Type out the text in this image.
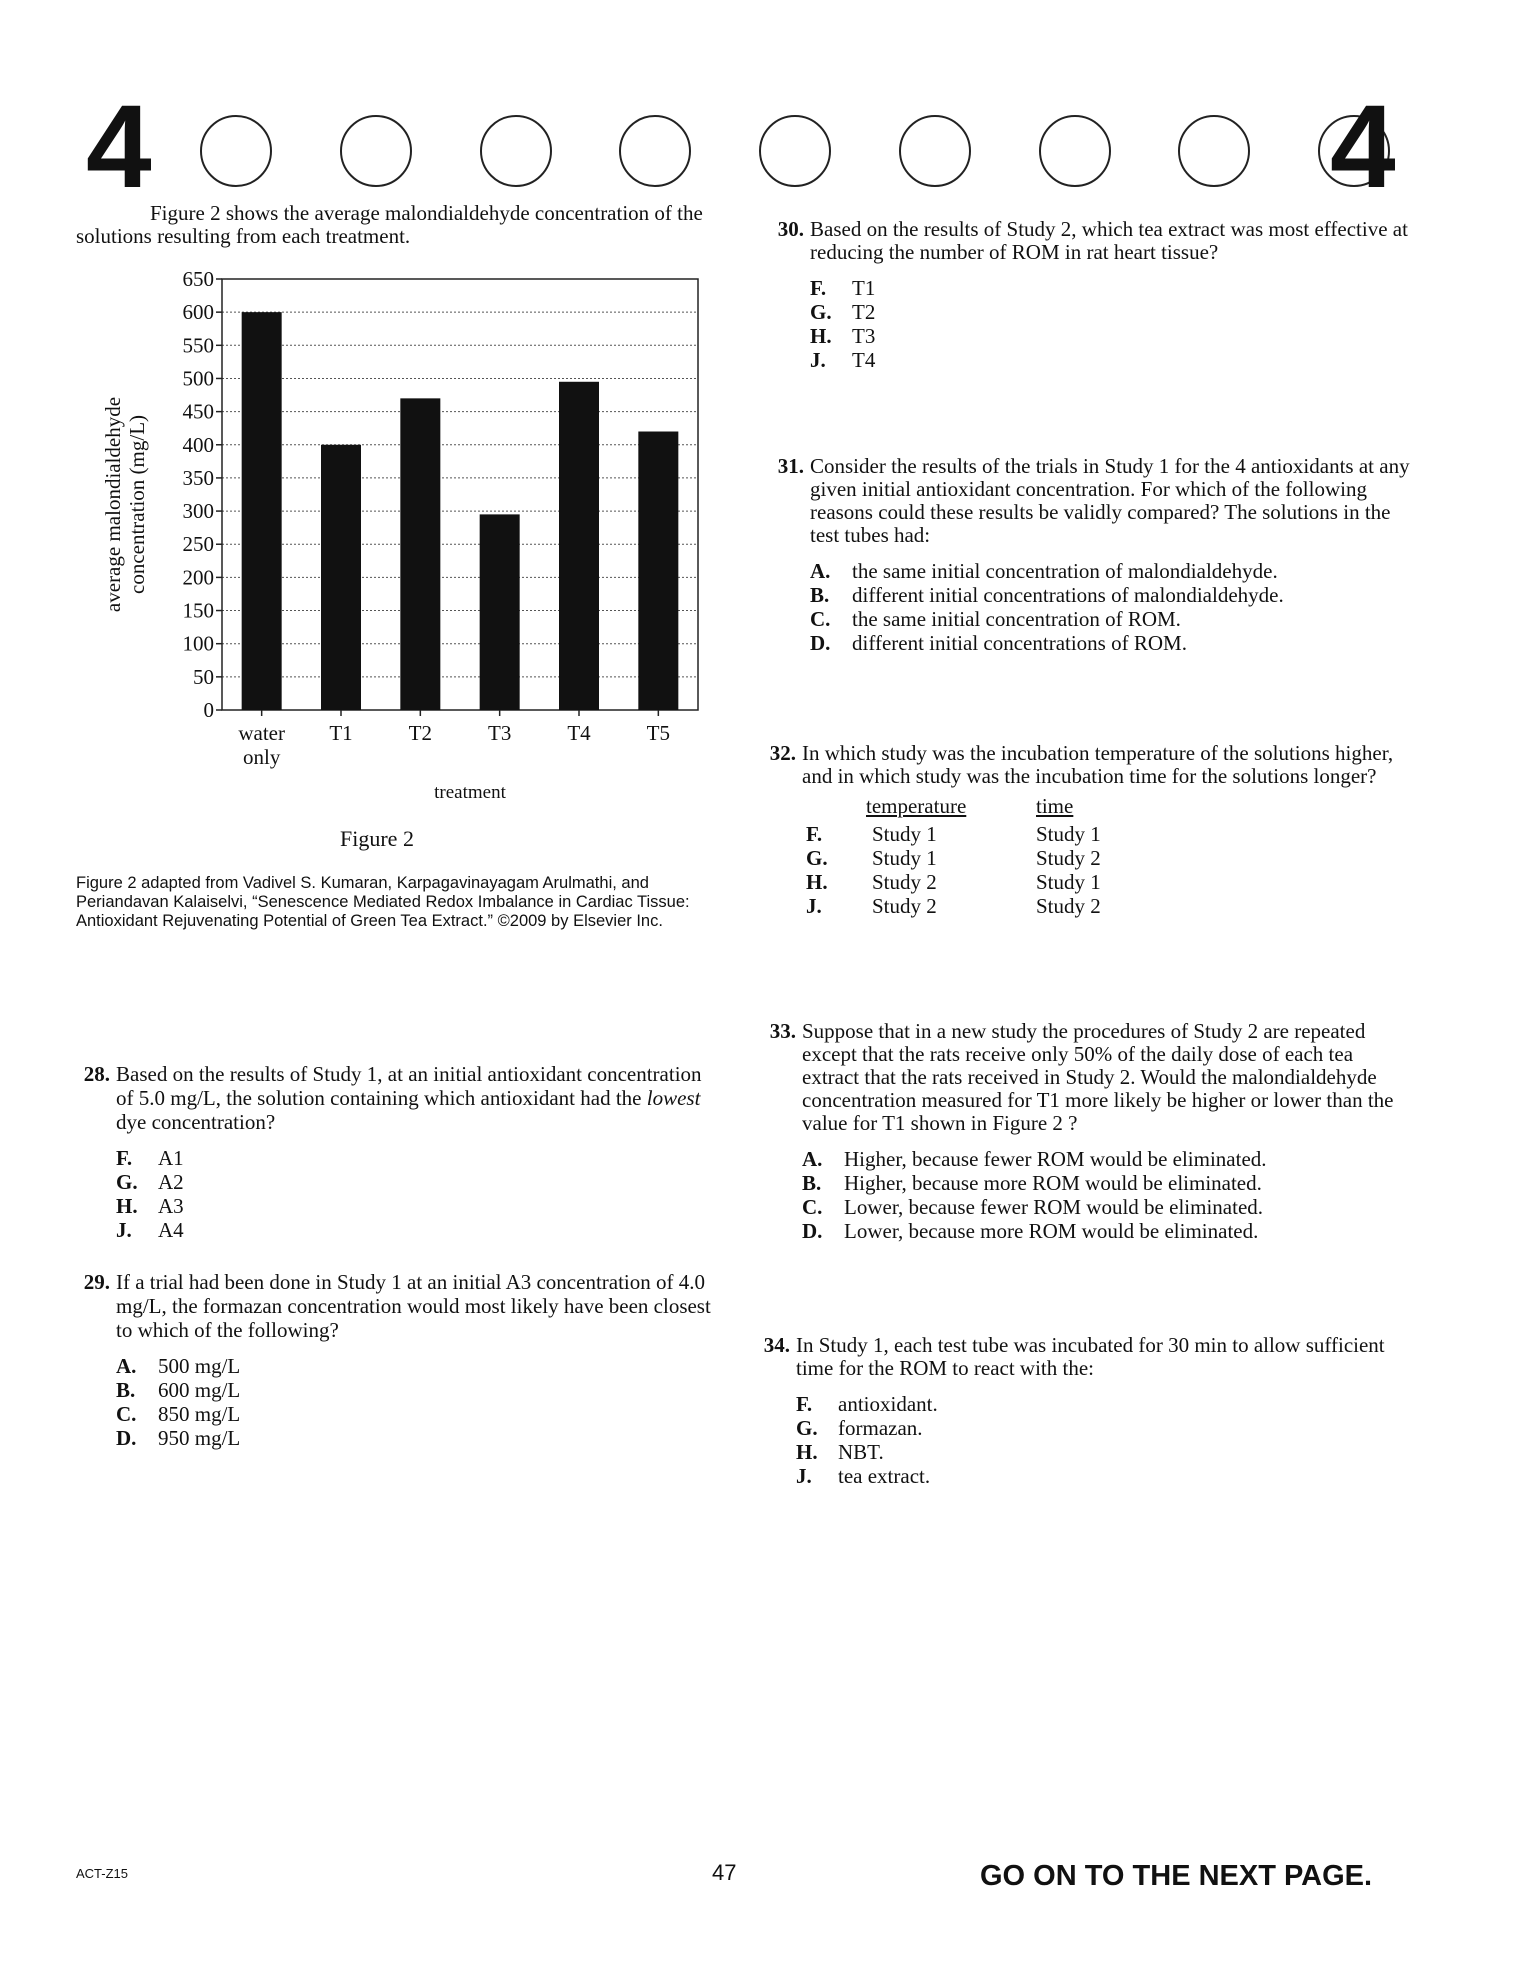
4	4

Figure 2 shows the average malondialdehyde concentration of the solutions resulting from each treatment.

0
50
100
150
200
250
300
350
400
450
500
550
600
650
water only
T1	T2	T3	T4	T5
treatment
average malondialdehyde concentration (mg/L)
Figure 2

Figure 2 adapted from Vadivel S. Kumaran, Karpagavinayagam Arulmathi, and Periandavan Kalaiselvi, “Senescence Mediated Redox Imbalance in Cardiac Tissue: Antioxidant Rejuvenating Potential of Green Tea Extract.” ©2009 by Elsevier Inc.

28. Based on the results of Study 1, at an initial antioxidant concentration of 5.0 mg/L, the solution containing which antioxidant had the lowest dye concentration?
F.	A1
G. A2
H. A3
J.	A4
29. If a trial had been done in Study 1 at an initial A3 concentration of 4.0 mg/L, the formazan concentration would most likely have been closest to which of the following?
A.	500 mg/L
B.	600 mg/L
C.	850 mg/L
D.	950 mg/L
30. Based on the results of Study 2, which tea extract was most effective at reducing the number of ROM in rat heart tissue?
F.	T1
G. T2
H. T3
J.	T4
31. Consider the results of the trials in Study 1 for the 4 antioxidants at any given initial antioxidant concentration. For which of the following reasons could these results be validly compared? The solutions in the test tubes had:
A.	the same initial concentration of malondialdehyde.
B.	different initial concentrations of malondialdehyde.
C.	the same initial concentration of ROM.
D.	different initial concentrations of ROM.
32. In which study was the incubation temperature of the solutions higher, and in which study was the incubation time for the solutions longer?
	temperature	time
F.	Study 1	Study 1
G.	Study 1	Study 2
H.	Study 2	Study 1
J.	Study 2	Study 2
33. Suppose that in a new study the procedures of Study 2 are repeated except that the rats receive only 50% of the daily dose of each tea extract that the rats received in Study 2. Would the malondialdehyde concentration measured for T1 more likely be higher or lower than the value for T1 shown in Figure 2 ?
A.	Higher, because fewer ROM would be eliminated.
B.	Higher, because more ROM would be eliminated.
C.	Lower, because fewer ROM would be eliminated.
D.	Lower, because more ROM would be eliminated.
34. In Study 1, each test tube was incubated for 30 min to allow sufficient time for the ROM to react with the:
F.	antioxidant.
G. formazan.
H. NBT.
J.	tea extract.
ACT-Z15	47	GO ON TO THE NEXT PAGE.
